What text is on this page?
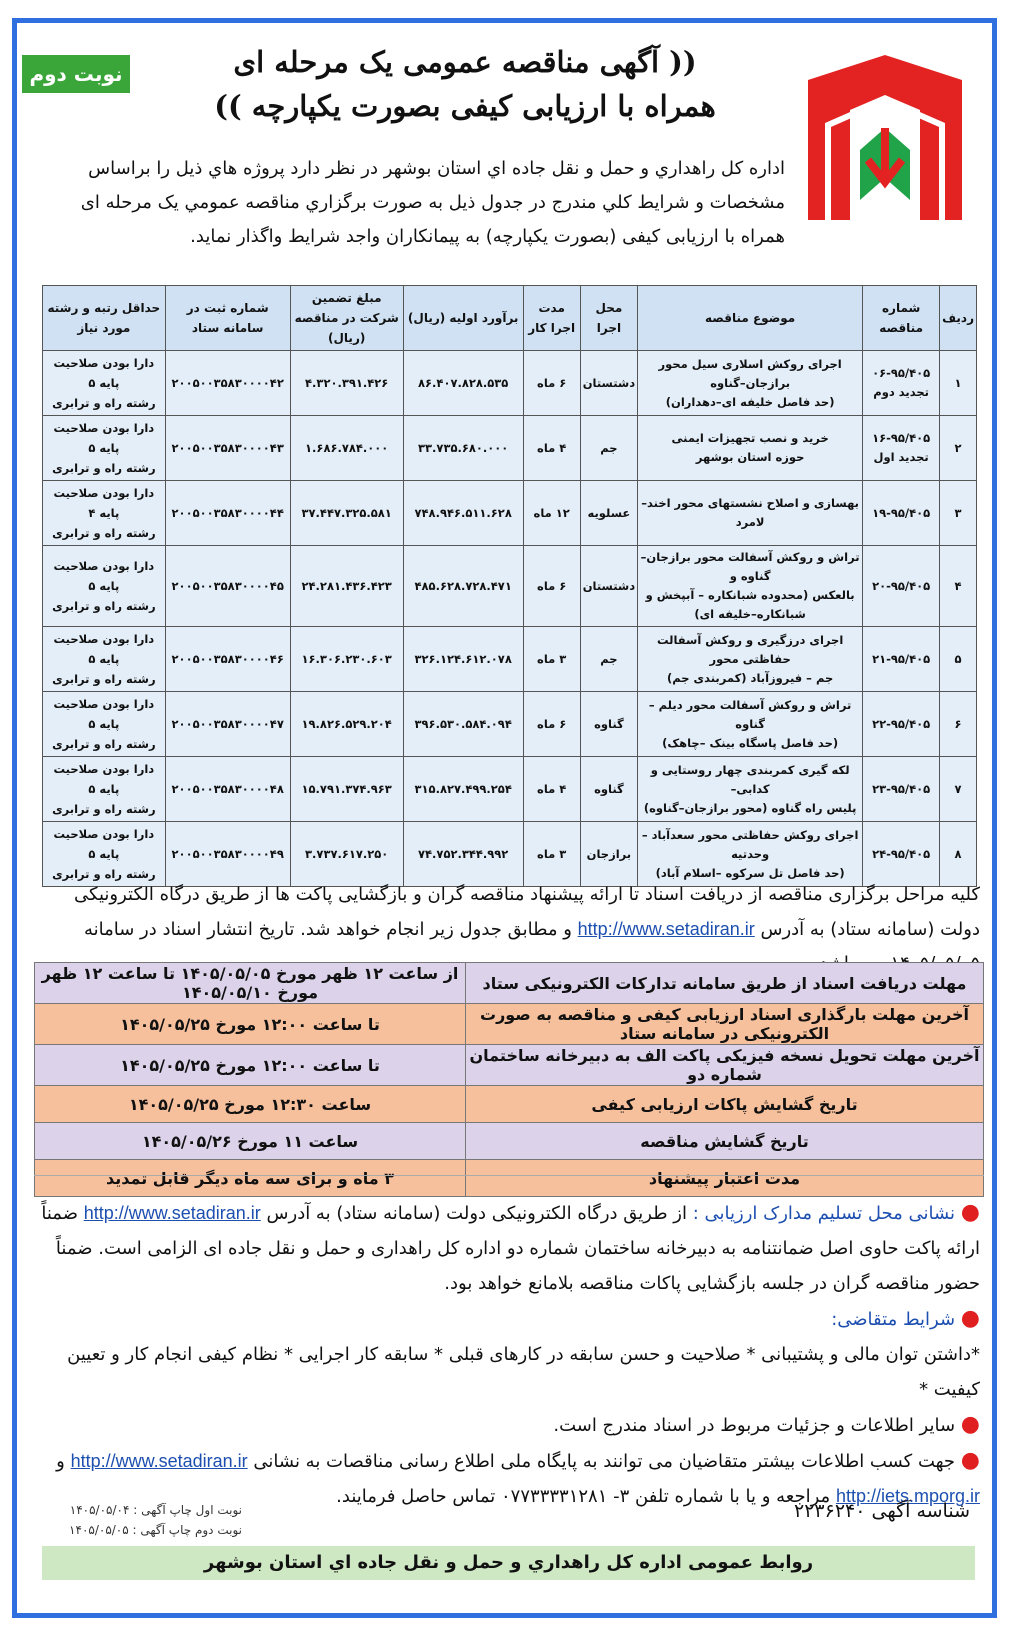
نوبت دوم	(( آگهی مناقصه عمومی یک مرحله ای
همراه با ارزیابی کیفی بصورت یکپارچه ))
اداره کل راهداري و حمل و نقل جاده اي استان بوشهر در نظر دارد پروژه هاي ذيل را براساس مشخصات و شرايط كلي مندرج در جدول ذيل به صورت برگزاري مناقصه عمومي يک مرحله ای همراه با ارزيابی کيفی (بصورت يکپارچه) به پيمانكاران واجد شرايط واگذار نمايد.
ردیف	شماره مناقصه	موضوع مناقصه	محل اجرا	مدت اجرا کار	برآورد اولیه (ریال)	مبلغ تضمین شرکت در مناقصه (ریال)	شماره ثبت در سامانه ستاد	حداقل رتبه و رشته مورد نیاز
۱	۰۶-۹۵/۴۰۵ تجدید دوم	اجرای روکش اسلاری سیل محور برازجان–گناوه
(حد فاصل خلیفه ای–دهداران)	دشتستان	۶ ماه	۸۶.۴۰۷.۸۲۸.۵۳۵	۴.۳۲۰.۳۹۱.۴۲۶	۲۰۰۵۰۰۳۵۸۳۰۰۰۰۴۲	دارا بودن صلاحیت
پایه ۵
رشته راه و ترابری
۲	۱۶-۹۵/۴۰۵ تجدید اول	خرید و نصب تجهیزات ایمنی
حوزه استان بوشهر	جم	۴ ماه	۳۳.۷۳۵.۶۸۰.۰۰۰	۱.۶۸۶.۷۸۴.۰۰۰	۲۰۰۵۰۰۳۵۸۳۰۰۰۰۴۳	دارا بودن صلاحیت
پایه ۵
رشته راه و ترابری
۳	۱۹-۹۵/۴۰۵	بهسازی و اصلاح نشستهای محور اخند–لامرد	عسلویه	۱۲ ماه	۷۴۸.۹۴۶.۵۱۱.۶۲۸	۳۷.۴۴۷.۳۲۵.۵۸۱	۲۰۰۵۰۰۳۵۸۳۰۰۰۰۴۴	دارا بودن صلاحیت
پایه ۴
رشته راه و ترابری
۴	۲۰-۹۵/۴۰۵	تراش و روکش آسفالت محور برازجان–گناوه و
بالعکس (محدوده شبانکاره – آبپخش و
شبانکاره–خلیفه ای)	دشتستان	۶ ماه	۴۸۵.۶۲۸.۷۲۸.۴۷۱	۲۴.۲۸۱.۴۳۶.۴۲۳	۲۰۰۵۰۰۳۵۸۳۰۰۰۰۴۵	دارا بودن صلاحیت
پایه ۵
رشته راه و ترابری
۵	۲۱-۹۵/۴۰۵	اجرای درزگیری و روکش آسفالت حفاظتی محور
جم – فیروزآباد (کمربندی جم)	جم	۳ ماه	۳۲۶.۱۲۴.۶۱۲.۰۷۸	۱۶.۳۰۶.۲۳۰.۶۰۳	۲۰۰۵۰۰۳۵۸۳۰۰۰۰۴۶	دارا بودن صلاحیت
پایه ۵
رشته راه و ترابری
۶	۲۲-۹۵/۴۰۵	تراش و روکش آسفالت محور دیلم –گناوه
(حد فاصل پاسگاه بینک –چاهک)	گناوه	۶ ماه	۳۹۶.۵۳۰.۵۸۴.۰۹۴	۱۹.۸۲۶.۵۲۹.۲۰۴	۲۰۰۵۰۰۳۵۸۳۰۰۰۰۴۷	دارا بودن صلاحیت
پایه ۵
رشته راه و ترابری
۷	۲۳-۹۵/۴۰۵	لکه گیری کمربندی چهار روستایی و کدابی–
پلیس راه گناوه (محور برازجان–گناوه)	گناوه	۴ ماه	۳۱۵.۸۲۷.۴۹۹.۲۵۴	۱۵.۷۹۱.۳۷۴.۹۶۳	۲۰۰۵۰۰۳۵۸۳۰۰۰۰۴۸	دارا بودن صلاحیت
پایه ۵
رشته راه و ترابری
۸	۲۴-۹۵/۴۰۵	اجرای روکش حفاظتی محور سعدآباد –وحدتیه
(حد فاصل تل سرکوه –اسلام آباد)	برازجان	۳ ماه	۷۴.۷۵۲.۳۴۴.۹۹۲	۳.۷۳۷.۶۱۷.۲۵۰	۲۰۰۵۰۰۳۵۸۳۰۰۰۰۴۹	دارا بودن صلاحیت
پایه ۵
رشته راه و ترابری
کلیه مراحل برگزاری مناقصه از دریافت اسناد تا ارائه پیشنهاد مناقصه گران و بازگشایی پاکت ها از طریق درگاه الکترونیکی دولت (سامانه ستاد) به آدرس http://www.setadiran.ir و مطابق جدول زیر انجام خواهد شد. تاریخ انتشار اسناد در سامانه
مهلت دریافت اسناد از طریق سامانه تدارکات الکترونیکی ستاد	از ساعت ۱۲ ظهر مورخ ۱۴۰۵/۰۵/۰۵ تا ساعت ۱۲ ظهر مورخ ۱۴۰۵/۰۵/۱۰
آخرین مهلت بارگذاری اسناد ارزیابی کیفی و مناقصه به صورت الکترونیکی در سامانه ستاد	تا ساعت ۱۲:۰۰ مورخ ۱۴۰۵/۰۵/۲۵
آخرین مهلت تحویل نسخه فیزیکی پاکت الف به دبیرخانه ساختمان شماره دو	تا ساعت ۱۲:۰۰ مورخ ۱۴۰۵/۰۵/۲۵
تاریخ گشایش پاکات ارزیابی کیفی	ساعت ۱۲:۳۰ مورخ ۱۴۰۵/۰۵/۲۵
تاریخ گشایش مناقصه	ساعت ۱۱ مورخ ۱۴۰۵/۰۵/۲۶
مدت اعتبار پیشنهاد	۳ ماه و برای سه ماه دیگر قابل تمدید
● نشانی محل تسلیم مدارک ارزیابی : از طریق درگاه الکترونیکی دولت (سامانه ستاد) به آدرس http://www.setadiran.ir ضمناً ارائه پاکت حاوی اصل ضمانتنامه به دبیرخانه ساختمان شماره دو اداره کل راهداری و حمل و نقل جاده ای الزامی است. ضمناً حضور مناقصه گران در جلسه بازگشایی پاکات مناقصه بلامانع خواهد بود.
● شرایط متقاضی:
*داشتن توان مالی و پشتیبانی * صلاحیت و حسن سابقه در کارهای قبلی * سابقه کار اجرایی * نظام کیفی انجام کار و تعیین کیفیت *
● سایر اطلاعات و جزئیات مربوط در اسناد مندرج است.
● جهت کسب اطلاعات بیشتر متقاضیان می توانند به پایگاه ملی اطلاع رسانی مناقصات به نشانی http://www.setadiran.ir و http://iets.mporg.ir مراجعه و یا با شماره تلفن ۳- ۰۷۷۳۳۳۳۱۲۸۱ تماس حاصل فرمایند.
نوبت اول چاپ آگهی : ۱۴۰۵/۰۵/۰۴
نوبت دوم چاپ آگهی : ۱۴۰۵/۰۵/۰۵
شناسه آگهی ۲۲۳۶۲۴۰
روابط عمومی اداره کل راهداري و حمل و نقل جاده اي استان بوشهر
